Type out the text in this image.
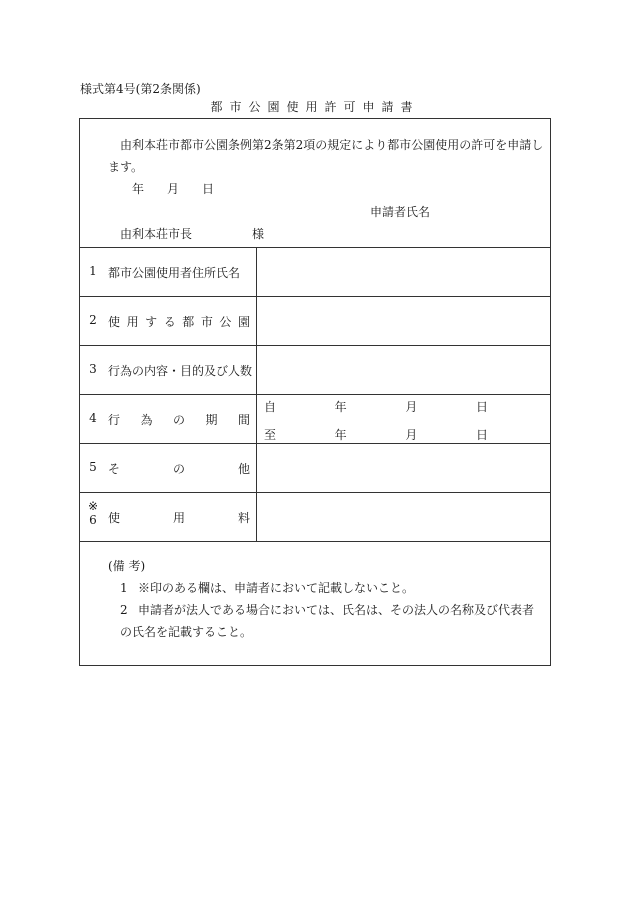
様式第4号(第2条関係)
都市公園使用許可申請書
由利本荘市都市公園条例第2条第2項の規定により都市公園使用の許可を申請し
ます。
年 月 日
申請者氏名
由利本荘市長	様
1 都市公園使用者住所氏名
2 使 用 す る 都 市 公 園
3 行為の内容・目的及び人数
4 行 為 の 期 間
自	年	月	日
至	年	月	日
5 そ	の	他
※
6 使	用	料
(備 考)
1 ※印のある欄は、申請者において記載しないこと。
2 申請者が法人である場合においては、氏名は、その法人の名称及び代表者の氏名を記載すること。
